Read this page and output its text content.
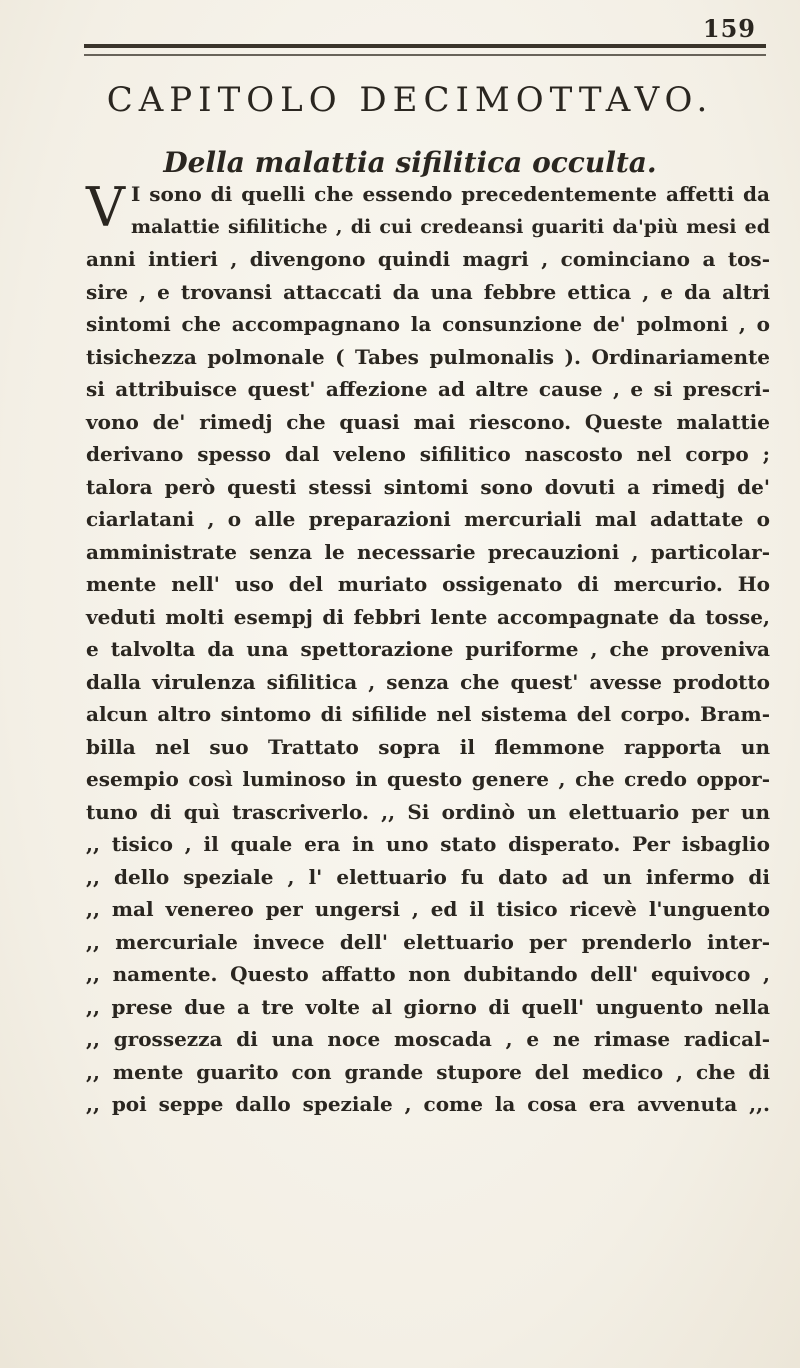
159
CAPITOLO DECIMOTTAVO.
Della malattia sifilitica occulta.
V I sono di quelli che essendo precedentemente affetti da
malattie sifilitiche , di cui credeansi guariti da'più mesi ed
anni intieri , divengono quindi magri , cominciano a tos-
sire , e trovansi attaccati da una febbre ettica , e da altri
sintomi che accompagnano la consunzione de' polmoni , o
tisichezza polmonale ( Tabes pulmonalis ). Ordinariamente
si attribuisce quest' affezione ad altre cause , e si prescri-
vono de' rimedj che quasi mai riescono. Queste malattie
derivano spesso dal veleno sifilitico nascosto nel corpo ;
talora però questi stessi sintomi sono dovuti a rimedj de'
ciarlatani , o alle preparazioni mercuriali mal adattate o
amministrate senza le necessarie precauzioni , particolar-
mente nell' uso del muriato ossigenato di mercurio. Ho
veduti molti esempj di febbri lente accompagnate da tosse,
e talvolta da una spettorazione puriforme , che proveniva
dalla virulenza sifilitica , senza che quest' avesse prodotto
alcun altro sintomo di sifilide nel sistema del corpo. Bram-
billa nel suo Trattato sopra il flemmone rapporta un
esempio così luminoso in questo genere , che credo oppor-
tuno di quì trascriverlo. ,, Si ordinò un elettuario per un
,, tisico , il quale era in uno stato disperato. Per isbaglio
,, dello speziale , l' elettuario fu dato ad un infermo di
,, mal venereo per ungersi , ed il tisico ricevè l'unguento
,, mercuriale invece dell' elettuario per prenderlo inter-
,, namente. Questo affatto non dubitando dell' equivoco ,
,, prese due a tre volte al giorno di quell' unguento nella
,, grossezza di una noce moscada , e ne rimase radical-
,, mente guarito con grande stupore del medico , che di
,, poi seppe dallo speziale , come la cosa era avvenuta ,,.
